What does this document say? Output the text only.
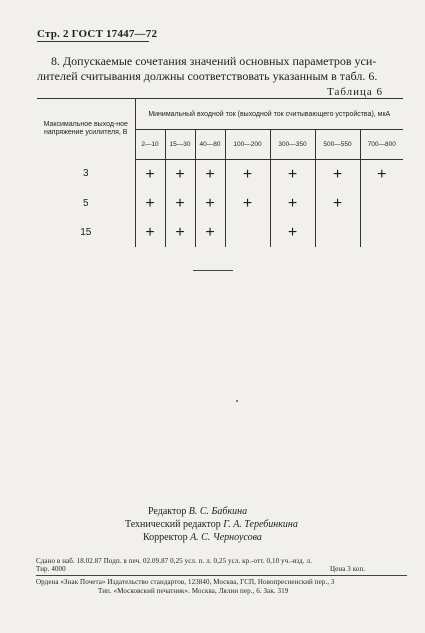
Стр. 2 ГОСТ 17447—72
8. Допускаемые сочетания значений основных параметров уси-
лителей считывания должны соответствовать указанным в табл. 6.
Таблица 6
Максимальное выход-ное напряжение усилителя, В	Минимальный входной ток (выходной ток считывающего устройства), мкА						
	2—10	15—30	40—80	100—200	300—350	500—550	700—800
3	+	+	+	+	+	+	+
5	+	+	+	+	+	+	
15	+	+	+		+		
Редактор В. С. Бабкина
Технический редактор Г. А. Теребинкина
Корректор А. С. Черноусова
Сдано в наб. 18.02.87 Подп. в печ. 02.09.87 0,25 усл. п. л. 0,25 усл. кр.-отт. 0,10 уч.-изд. л.
Тир. 4000	Цена 3 коп.
Ордена «Знак Почета» Издательство стандартов, 123840, Москва, ГСП, Новопресненский пер., 3
Тип. «Московский печатник». Москва, Лялин пер., 6. Зак. 319
